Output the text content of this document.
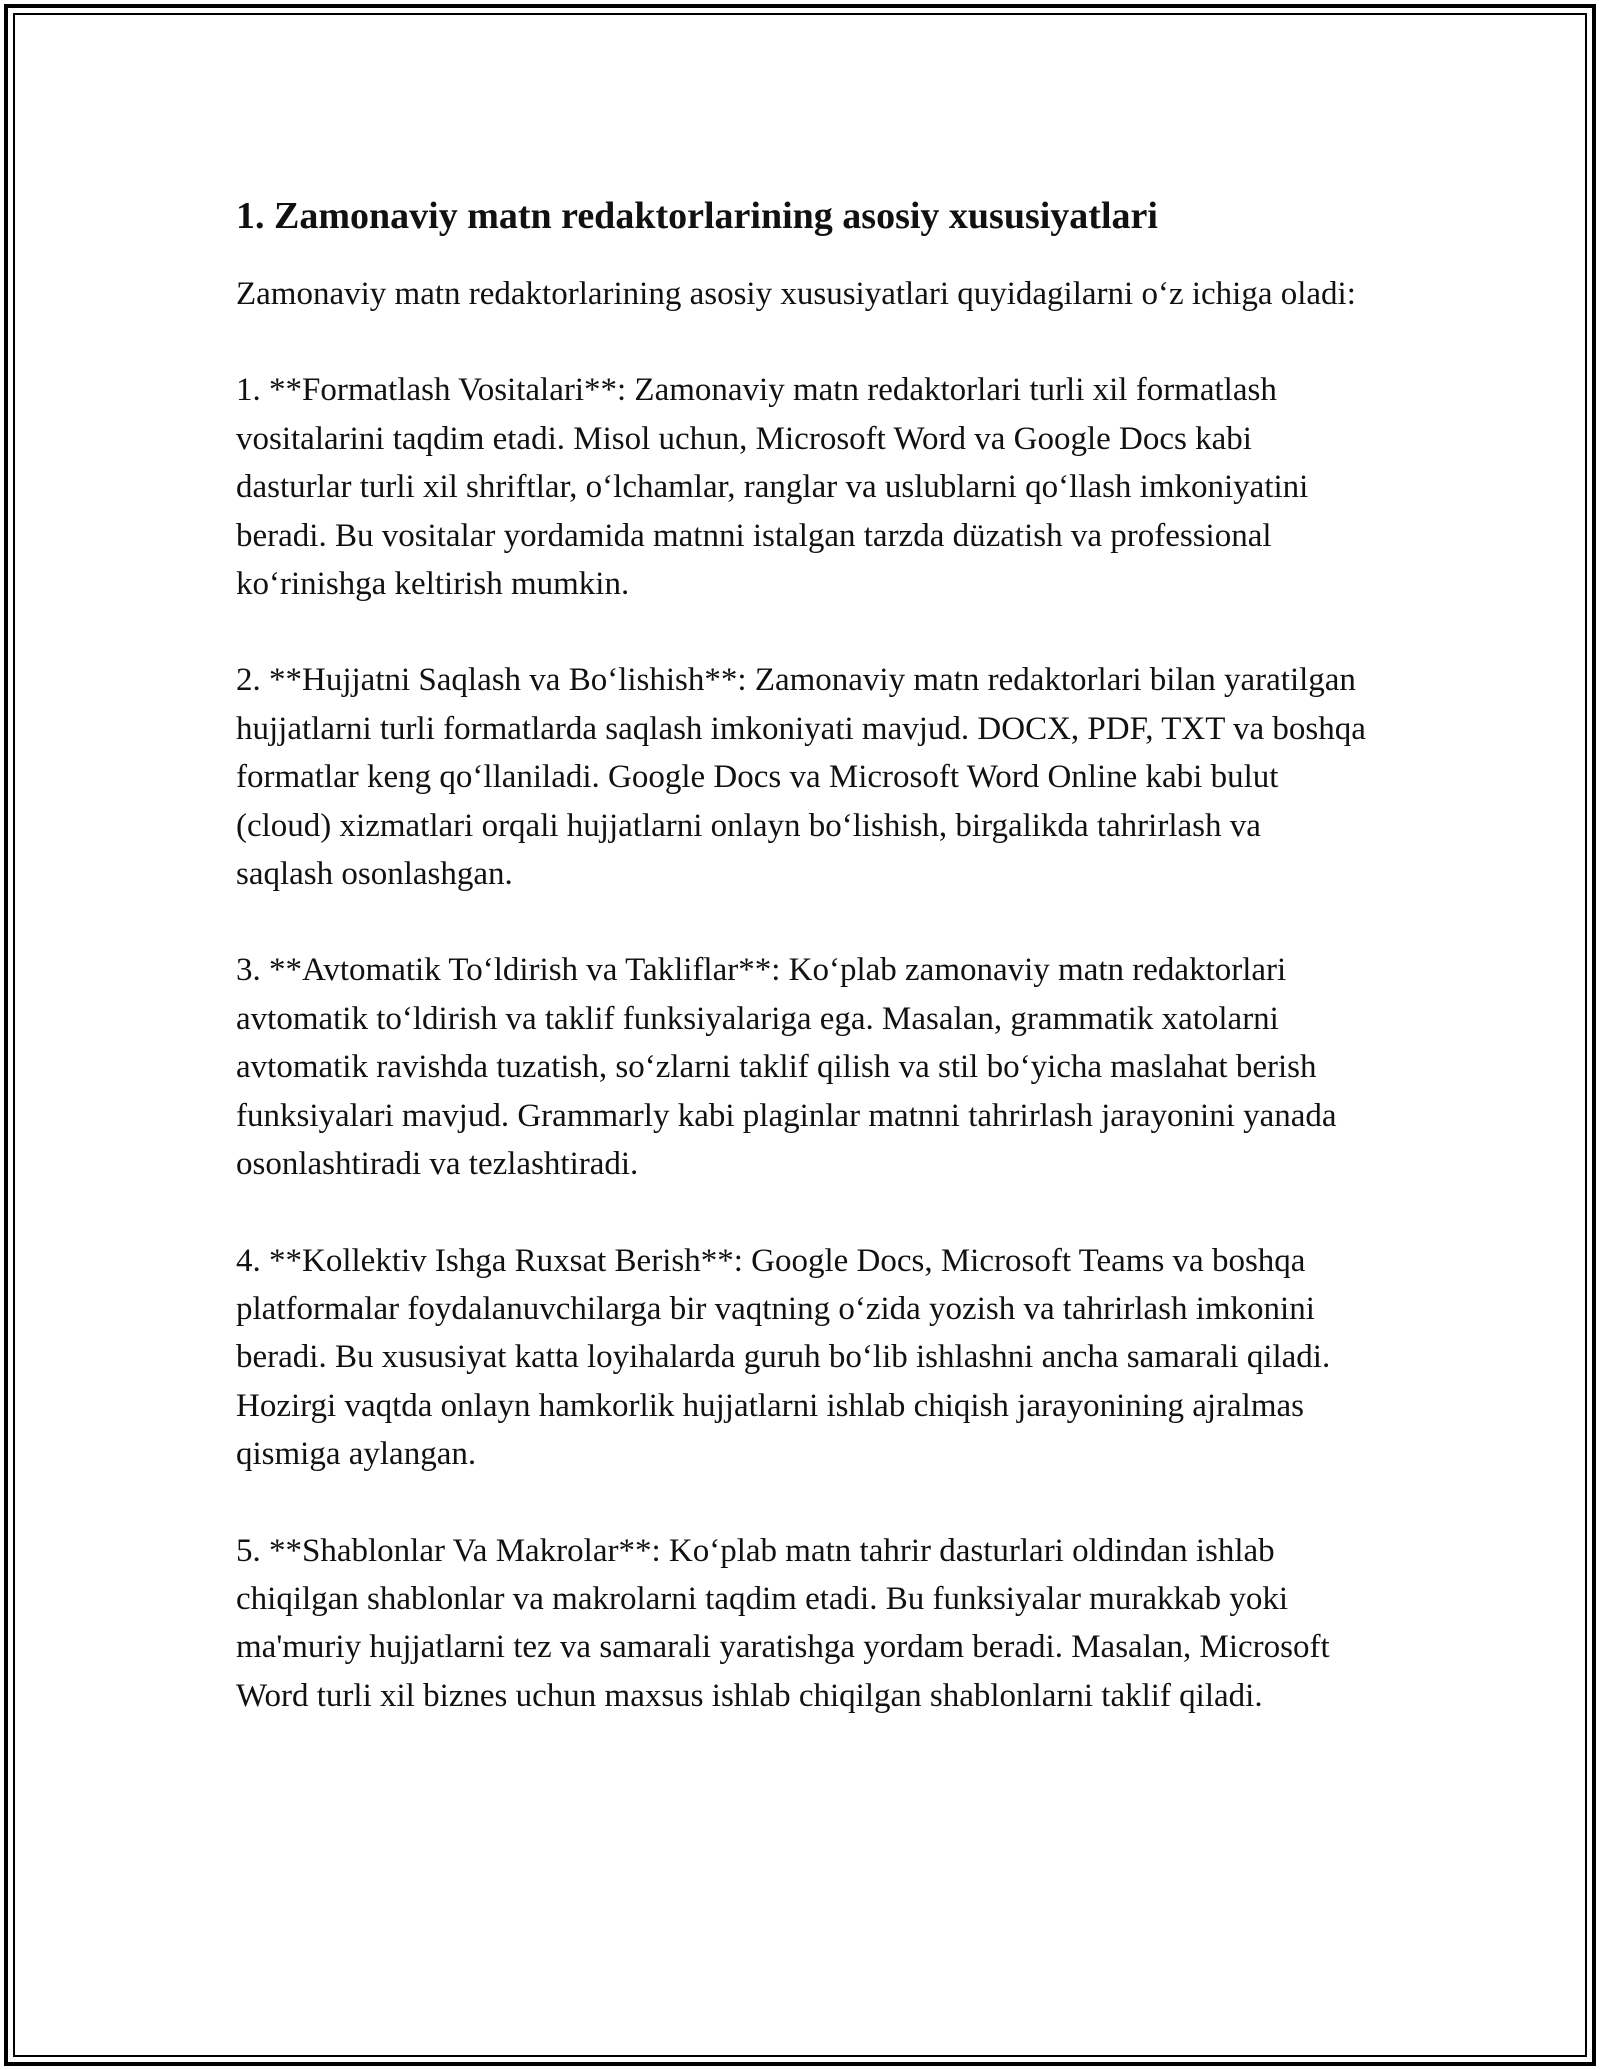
1. Zamonaviy matn redaktorlarining asosiy xususiyatlari

Zamonaviy matn redaktorlarining asosiy xususiyatlari quyidagilarni o‘z ichiga oladi:

1. **Formatlash Vositalari**: Zamonaviy matn redaktorlari turli xil formatlash vositalarini taqdim etadi. Misol uchun, Microsoft Word va Google Docs kabi dasturlar turli xil shriftlar, o‘lchamlar, ranglar va uslublarni qo‘llash imkoniyatini beradi. Bu vositalar yordamida matnni istalgan tarzda düzatish va professional ko‘rinishga keltirish mumkin.

2. **Hujjatni Saqlash va Bo‘lishish**: Zamonaviy matn redaktorlari bilan yaratilgan hujjatlarni turli formatlarda saqlash imkoniyati mavjud. DOCX, PDF, TXT va boshqa formatlar keng qo‘llaniladi. Google Docs va Microsoft Word Online kabi bulut (cloud) xizmatlari orqali hujjatlarni onlayn bo‘lishish, birgalikda tahrirlash va saqlash osonlashgan.

3. **Avtomatik To‘ldirish va Takliflar**: Ko‘plab zamonaviy matn redaktorlari avtomatik to‘ldirish va taklif funksiyalariga ega. Masalan, grammatik xatolarni avtomatik ravishda tuzatish, so‘zlarni taklif qilish va stil bo‘yicha maslahat berish funksiyalari mavjud. Grammarly kabi plaginlar matnni tahrirlash jarayonini yanada osonlashtiradi va tezlashtiradi.

4. **Kollektiv Ishga Ruxsat Berish**: Google Docs, Microsoft Teams va boshqa platformalar foydalanuvchilarga bir vaqtning o‘zida yozish va tahrirlash imkonini beradi. Bu xususiyat katta loyihalarda guruh bo‘lib ishlashni ancha samarali qiladi. Hozirgi vaqtda onlayn hamkorlik hujjatlarni ishlab chiqish jarayonining ajralmas qismiga aylangan.

5. **Shablonlar Va Makrolar**: Ko‘plab matn tahrir dasturlari oldindan ishlab chiqilgan shablonlar va makrolarni taqdim etadi. Bu funksiyalar murakkab yoki ma'muriy hujjatlarni tez va samarali yaratishga yordam beradi. Masalan, Microsoft Word turli xil biznes uchun maxsus ishlab chiqilgan shablonlarni taklif qiladi.
